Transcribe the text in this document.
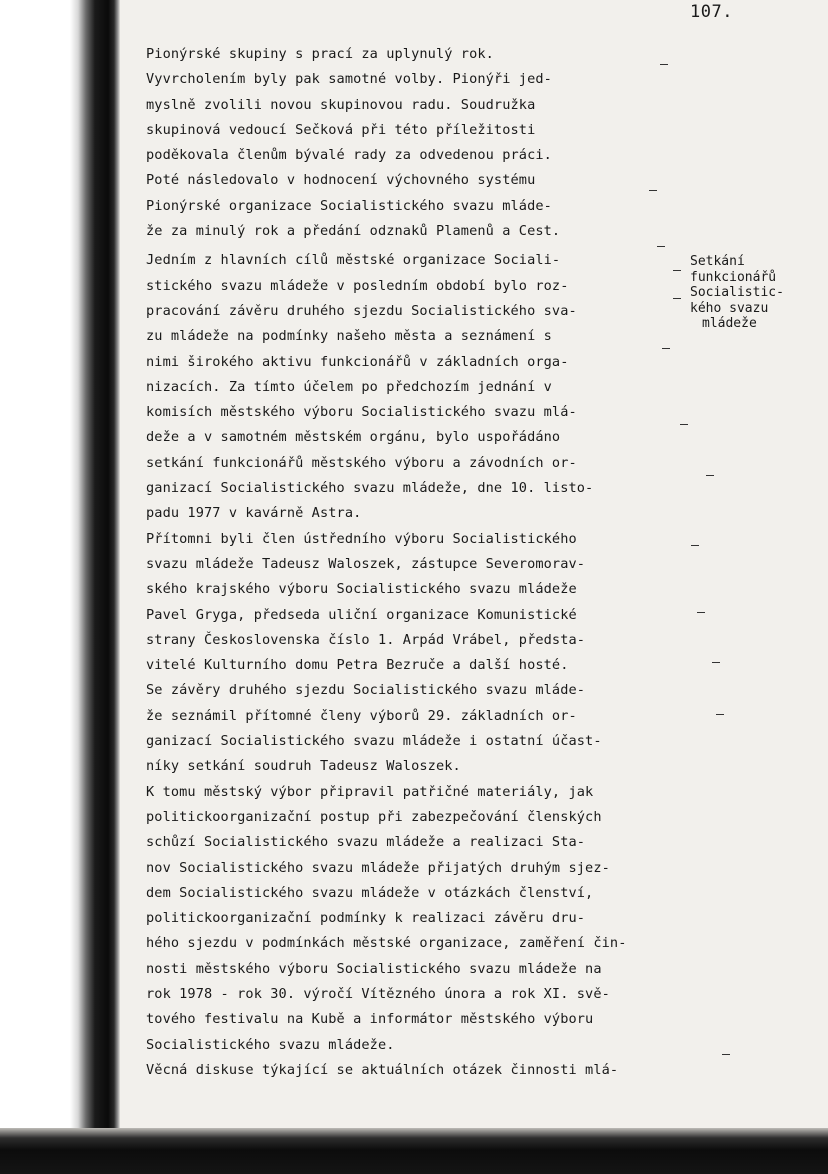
107.
Pionýrské skupiny s prací za uplynulý rok.
Vyvrcholením byly pak samotné volby. Pionýři jed-
myslně zvolili novou skupinovou radu. Soudružka
skupinová vedoucí Sečková při této příležitosti
poděkovala členům bývalé rady za odvedenou práci.
Poté následovalo v hodnocení výchovného systému
Pionýrské organizace Socialistického svazu mláde-
že za minulý rok a předání odznaků Plamenů a Cest.
Jedním z hlavních cílů městské organizace Sociali-
stického svazu mládeže v posledním období bylo roz-
pracování závěru druhého sjezdu Socialistického sva-
zu mládeže na podmínky našeho města a seznámení s
nimi širokého aktivu funkcionářů v základních orga-
nizacích. Za tímto účelem po předchozím jednání v
komisích městského výboru Socialistického svazu mlá-
deže a v samotném městském orgánu, bylo uspořádáno
setkání funkcionářů městského výboru a závodních or-
ganizací Socialistického svazu mládeže, dne 10. listo-
padu 1977 v kavárně Astra.
Přítomni byli člen ústředního výboru Socialistického
svazu mládeže Tadeusz Waloszek, zástupce Severomorav-
ského krajského výboru Socialistického svazu mládeže
Pavel Gryga, předseda uliční organizace Komunistické
strany Československa číslo 1. Arpád Vrábel, předsta-
vitelé Kulturního domu Petra Bezruče a další hosté.
Se závěry druhého sjezdu Socialistického svazu mláde-
že seznámil přítomné členy výborů 29. základních or-
ganizací Socialistického svazu mládeže i ostatní účast-
níky setkání soudruh Tadeusz Waloszek.
K tomu městský výbor připravil patřičné materiály, jak
politickoorganizační postup při zabezpečování členských
schůzí Socialistického svazu mládeže a realizaci Sta-
nov Socialistického svazu mládeže přijatých druhým sjez-
dem Socialistického svazu mládeže v otázkách členství,
politickoorganizační podmínky k realizaci závěru dru-
hého sjezdu v podmínkách městské organizace, zaměření čin-
nosti městského výboru Socialistického svazu mládeže na
rok 1978 - rok 30. výročí Vítězného února a rok XI. svě-
tového festivalu na Kubě a informátor městského výboru
Socialistického svazu mládeže.
Věcná diskuse týkající se aktuálních otázek činnosti mlá-
Setkání
funkcionářů
Socialistic-
kého svazu
mládeže
